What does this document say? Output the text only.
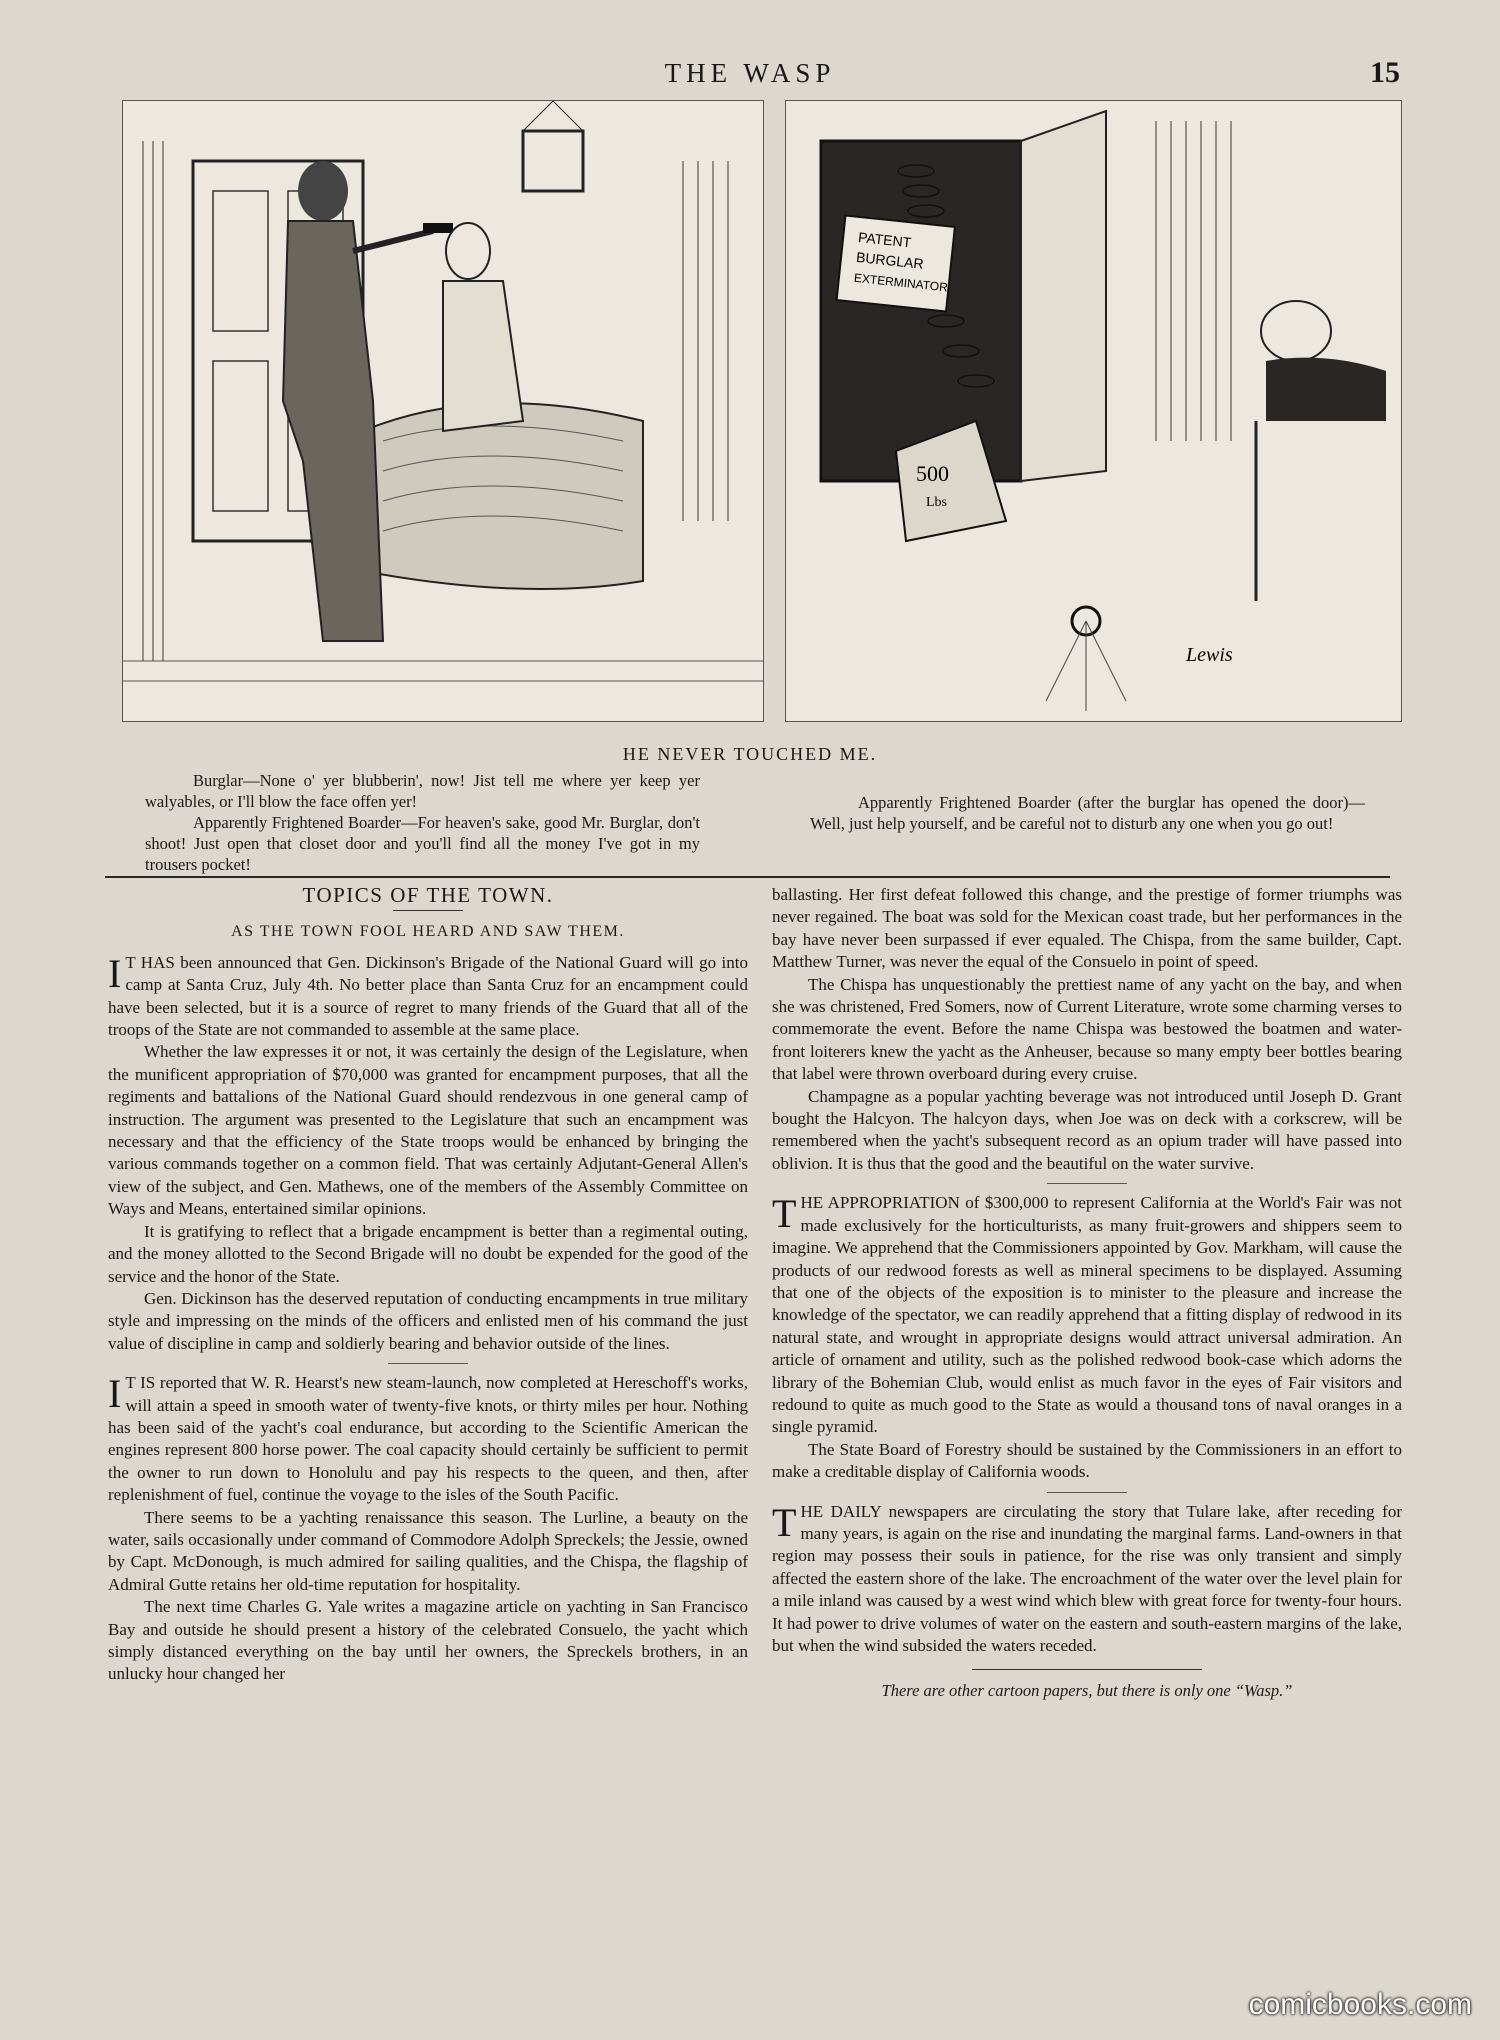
THE WASP	15
PATENT
BURGLAR
EXTERMINATOR
500
Lbs
Lewis
HE NEVER TOUCHED ME.

Burglar—None o' yer blubberin', now! Jist tell me where yer keep yer walyables, or I'll blow the face offen yer!

Apparently Frightened Boarder—For heaven's sake, good Mr. Burglar, don't shoot! Just open that closet door and you'll find all the money I've got in my trousers pocket!

Apparently Frightened Boarder (after the burglar has opened the door)—Well, just help yourself, and be careful not to disturb any one when you go out!

TOPICS OF THE TOWN.
AS THE TOWN FOOL HEARD AND SAW THEM.

I T HAS been announced that Gen. Dickinson's Brigade of the National Guard will go into camp at Santa Cruz, July 4th. No better place than Santa Cruz for an encampment could have been selected, but it is a source of regret to many friends of the Guard that all of the troops of the State are not commanded to assemble at the same place.

Whether the law expresses it or not, it was certainly the design of the Legislature, when the munificent appropriation of $70,000 was granted for encampment purposes, that all the regiments and battalions of the National Guard should rendezvous in one general camp of instruction. The argument was presented to the Legislature that such an encampment was necessary and that the efficiency of the State troops would be enhanced by bringing the various commands together on a common field. That was certainly Adjutant-General Allen's view of the subject, and Gen. Mathews, one of the members of the Assembly Committee on Ways and Means, entertained similar opinions.

It is gratifying to reflect that a brigade encampment is better than a regimental outing, and the money allotted to the Second Brigade will no doubt be expended for the good of the service and the honor of the State.

Gen. Dickinson has the deserved reputation of conducting encampments in true military style and impressing on the minds of the officers and enlisted men of his command the just value of discipline in camp and soldierly bearing and behavior outside of the lines.

I T IS reported that W. R. Hearst's new steam-launch, now completed at Hereschoff's works, will attain a speed in smooth water of twenty-five knots, or thirty miles per hour. Nothing has been said of the yacht's coal endurance, but according to the Scientific American the engines represent 800 horse power. The coal capacity should certainly be sufficient to permit the owner to run down to Honolulu and pay his respects to the queen, and then, after replenishment of fuel, continue the voyage to the isles of the South Pacific.

There seems to be a yachting renaissance this season. The Lurline, a beauty on the water, sails occasionally under command of Commodore Adolph Spreckels; the Jessie, owned by Capt. McDonough, is much admired for sailing qualities, and the Chispa, the flagship of Admiral Gutte retains her old-time reputation for hospitality.

The next time Charles G. Yale writes a magazine article on yachting in San Francisco Bay and outside he should present a history of the celebrated Consuelo, the yacht which simply distanced everything on the bay until her owners, the Spreckels brothers, in an unlucky hour changed her

ballasting. Her first defeat followed this change, and the prestige of former triumphs was never regained. The boat was sold for the Mexican coast trade, but her performances in the bay have never been surpassed if ever equaled. The Chispa, from the same builder, Capt. Matthew Turner, was never the equal of the Consuelo in point of speed.

The Chispa has unquestionably the prettiest name of any yacht on the bay, and when she was christened, Fred Somers, now of Current Literature, wrote some charming verses to commemorate the event. Before the name Chispa was bestowed the boatmen and water-front loiterers knew the yacht as the Anheuser, because so many empty beer bottles bearing that label were thrown overboard during every cruise.

Champagne as a popular yachting beverage was not introduced until Joseph D. Grant bought the Halcyon. The halcyon days, when Joe was on deck with a corkscrew, will be remembered when the yacht's subsequent record as an opium trader will have passed into oblivion. It is thus that the good and the beautiful on the water survive.

THE APPROPRIATION of $300,000 to represent California at the World's Fair was not made exclusively for the horticulturists, as many fruit-growers and shippers seem to imagine. We apprehend that the Commissioners appointed by Gov. Markham, will cause the products of our redwood forests as well as mineral specimens to be displayed. Assuming that one of the objects of the exposition is to minister to the pleasure and increase the knowledge of the spectator, we can readily apprehend that a fitting display of redwood in its natural state, and wrought in appropriate designs would attract universal admiration. An article of ornament and utility, such as the polished redwood book-case which adorns the library of the Bohemian Club, would enlist as much favor in the eyes of Fair visitors and redound to quite as much good to the State as would a thousand tons of naval oranges in a single pyramid.

The State Board of Forestry should be sustained by the Commissioners in an effort to make a creditable display of California woods.

THE DAILY newspapers are circulating the story that Tulare lake, after receding for many years, is again on the rise and inundating the marginal farms. Land-owners in that region may possess their souls in patience, for the rise was only transient and simply affected the eastern shore of the lake. The encroachment of the water over the level plain for a mile inland was caused by a west wind which blew with great force for twenty-four hours. It had power to drive volumes of water on the eastern and south-eastern margins of the lake, but when the wind subsided the waters receded.

There are other cartoon papers, but there is only one “Wasp.”
comicbooks.com
